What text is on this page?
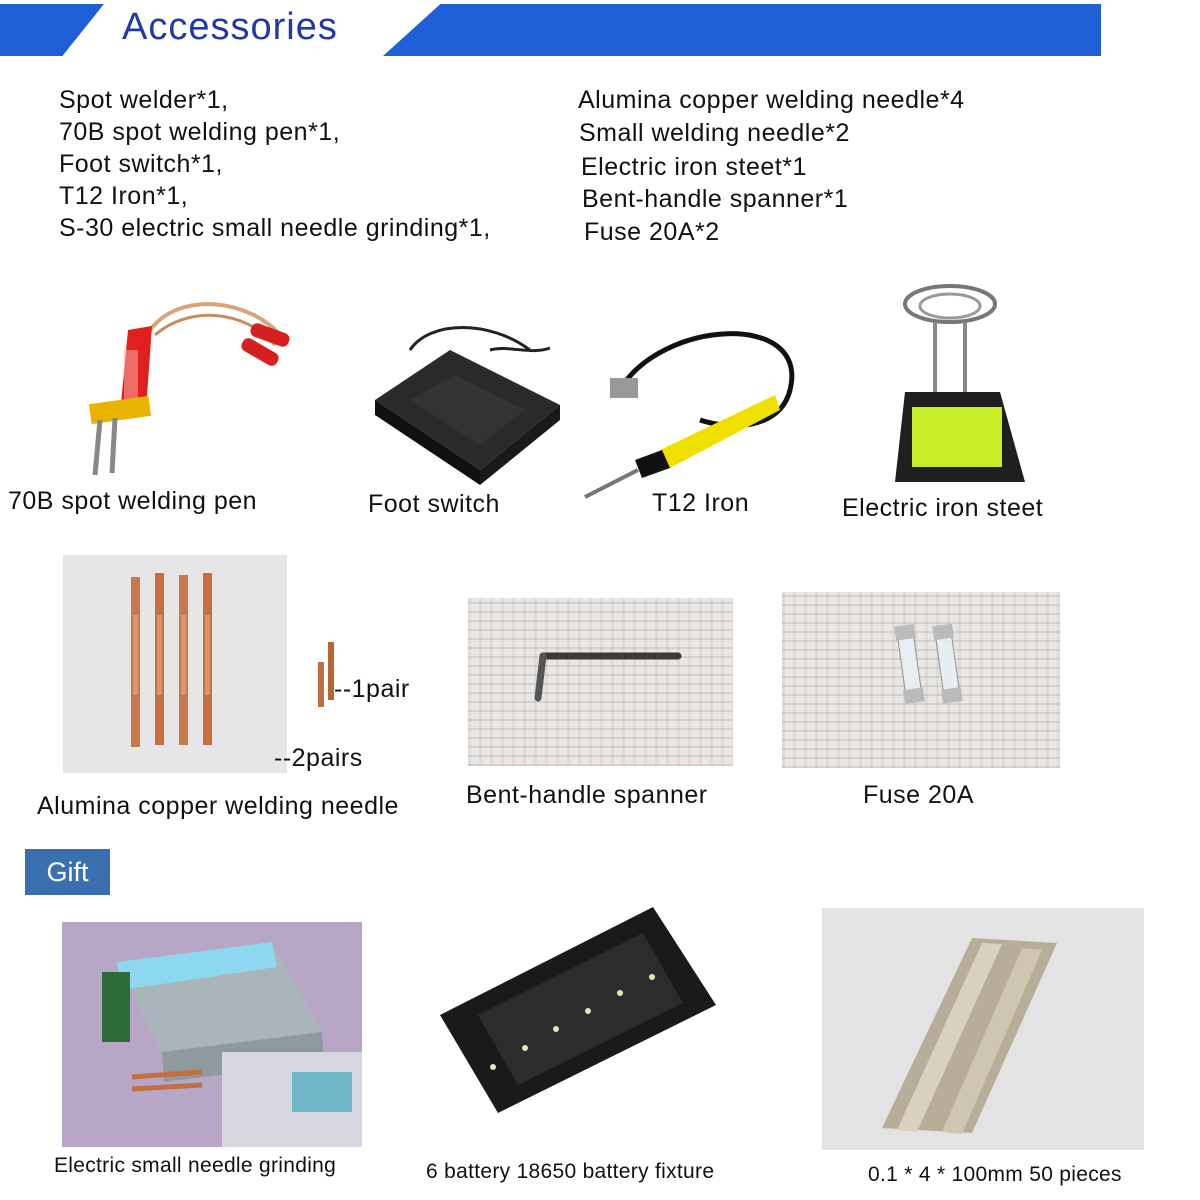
Accessories
Spot welder*1,
70B spot welding pen*1,
Foot switch*1,
T12 Iron*1,
S-30 electric small needle grinding*1,
Alumina copper welding needle*4
Small welding needle*2
Electric iron steet*1
Bent-handle spanner*1
Fuse 20A*2
70B spot welding pen	Foot switch	T12 Iron	Electric iron steet
--1pair
--2pairs
Alumina copper welding needle	Bent-handle spanner	Fuse 20A
Gift
Electric small needle grinding	6 battery 18650 battery fixture	0.1 * 4 * 100mm 50 pieces
